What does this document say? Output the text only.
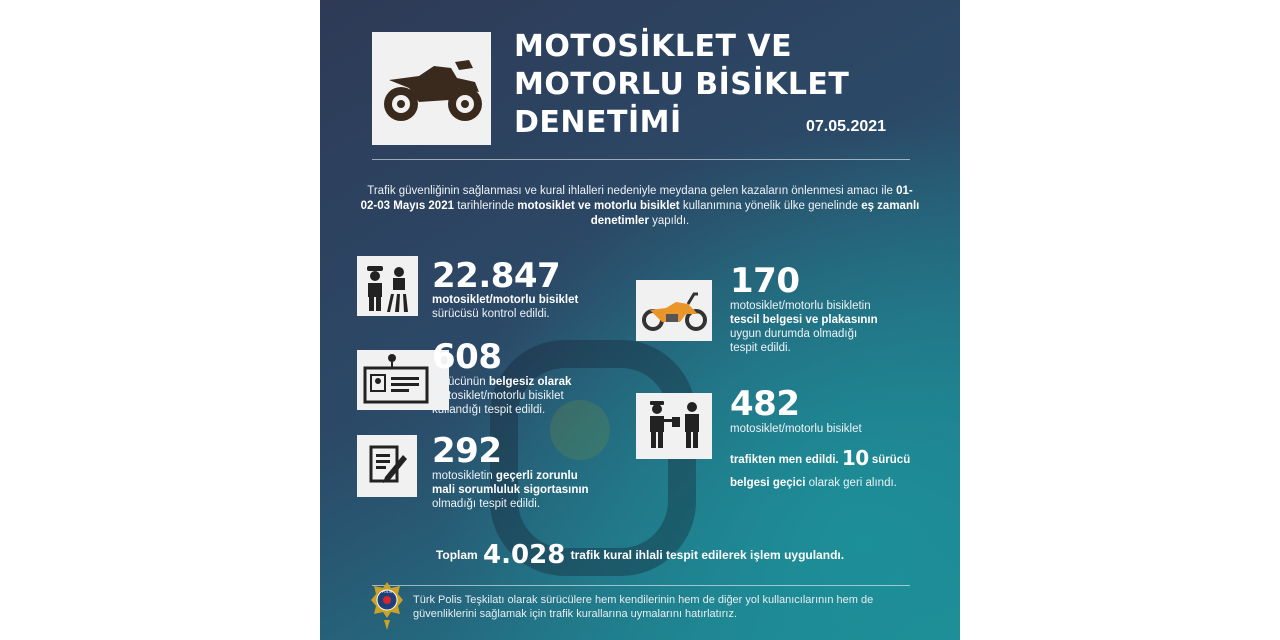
MOTOSİKLET VE
MOTORLU BİSİKLET
DENETİMİ	07.05.2021
Trafik güvenliğinin sağlanması ve kural ihlalleri nedeniyle meydana gelen kazaların önlenmesi amacı ile 01-02-03 Mayıs 2021 tarihlerinde motosiklet ve motorlu bisiklet kullanımına yönelik ülke genelinde eş zamanlı denetimler yapıldı.
22.847
motosiklet/motorlu bisiklet
sürücüsü kontrol edildi.
608
sürücünün belgesiz olarak
motosiklet/motorlu bisiklet
kullandığı tespit edildi.
292
motosikletin geçerli zorunlu
mali sorumluluk sigortasının
olmadığı tespit edildi.
170
motosiklet/motorlu bisikletin
tescil belgesi ve plakasının
uygun durumda olmadığı
tespit edildi.
482
motosiklet/motorlu bisiklet
trafikten men edildi. 10 sürücü
belgesi geçici olarak geri alındı.
Toplam 4.028 trafik kural ihlali tespit edilerek işlem uygulandı.
POLİS
Türk Polis Teşkilatı olarak sürücülere hem kendilerinin hem de diğer yol kullanıcılarının hem de güvenliklerini sağlamak için trafik kurallarına uymalarını hatırlatırız.
